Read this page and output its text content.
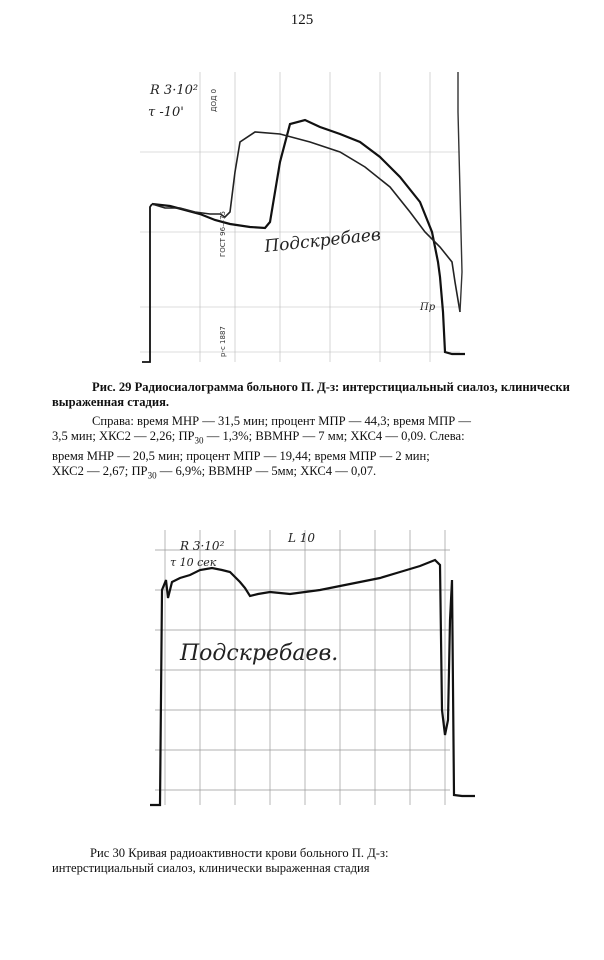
125
R 3·10²
τ -10'
ДОД 0
ГОСТ 96—75
р-с 1887
Подскребаев
Пр
Рис. 29 Радиосиалограмма больного П. Д-з: интерстициальный сиалоз, клинически выраженная стадия.
Справа: время МНР — 31,5 мин; процент МПР — 44,3; время МПР —
3,5 мин; ХКС2 — 2,26; $ПР_{30}$ — 1,3%; ВВМНР — 7 мм; ХКС4 — 0,09. Слева:
время МНР — 20,5 мин; процент МПР — 19,44; время МПР — 2 мин;
ХКС2 — 2,67; $ПР_{30}$ — 6,9%; ВВМНР — 5мм; ХКС4 — 0,07.
R 3·10²
L 10
τ 10 сек
Подскребаев.
Рис 30 Кривая радиоактивности крови больного П. Д-з:
интерстициальный сиалоз, клинически выраженная стадия
